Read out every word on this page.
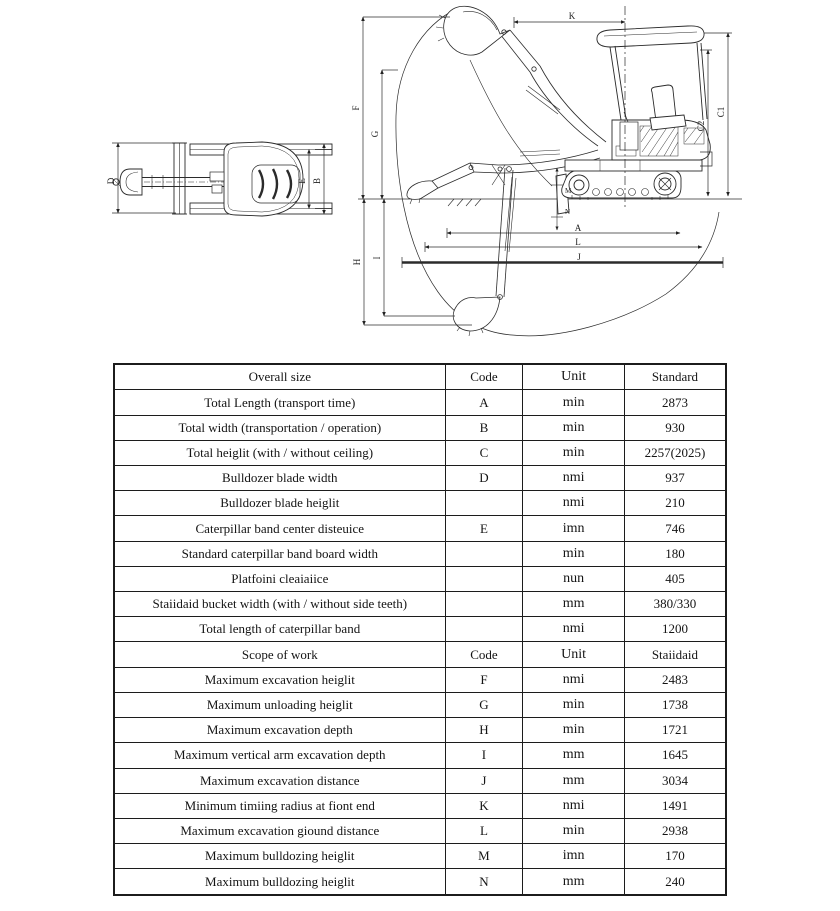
D	E B
K
F
G
H
I
A
L
J
M
N
C2
C1
Overall size	Code	Unit	Standard
Total Length (transport time)	A	min	2873
Total width (transportation / operation)	B	min	930
Total heiglit (with / without ceiling)	C	min	2257(2025)
Bulldozer blade width	D	nmi	937
Bulldozer blade heiglit		nmi	210
Caterpillar band center disteuice	E	imn	746
Standard caterpillar band board width		min	180
Platfoini cleaiaiice		nun	405
Staiidaid bucket width (with / without side teeth)		mm	380/330
Total length of caterpillar band		nmi	1200
Scope of work	Code	Unit	Staiidaid
Maximum excavation heiglit	F	nmi	2483
Maximum unloading heiglit	G	min	1738
Maximum excavation depth	H	min	1721
Maximum vertical arm excavation depth	I	mm	1645
Maximum excavation distance	J	mm	3034
Minimum timiing radius at fiont end	K	nmi	1491
Maximum excavation giound distance	L	min	2938
Maximum bulldozing heiglit	M	imn	170
Maximum bulldozing heiglit	N	mm	240
